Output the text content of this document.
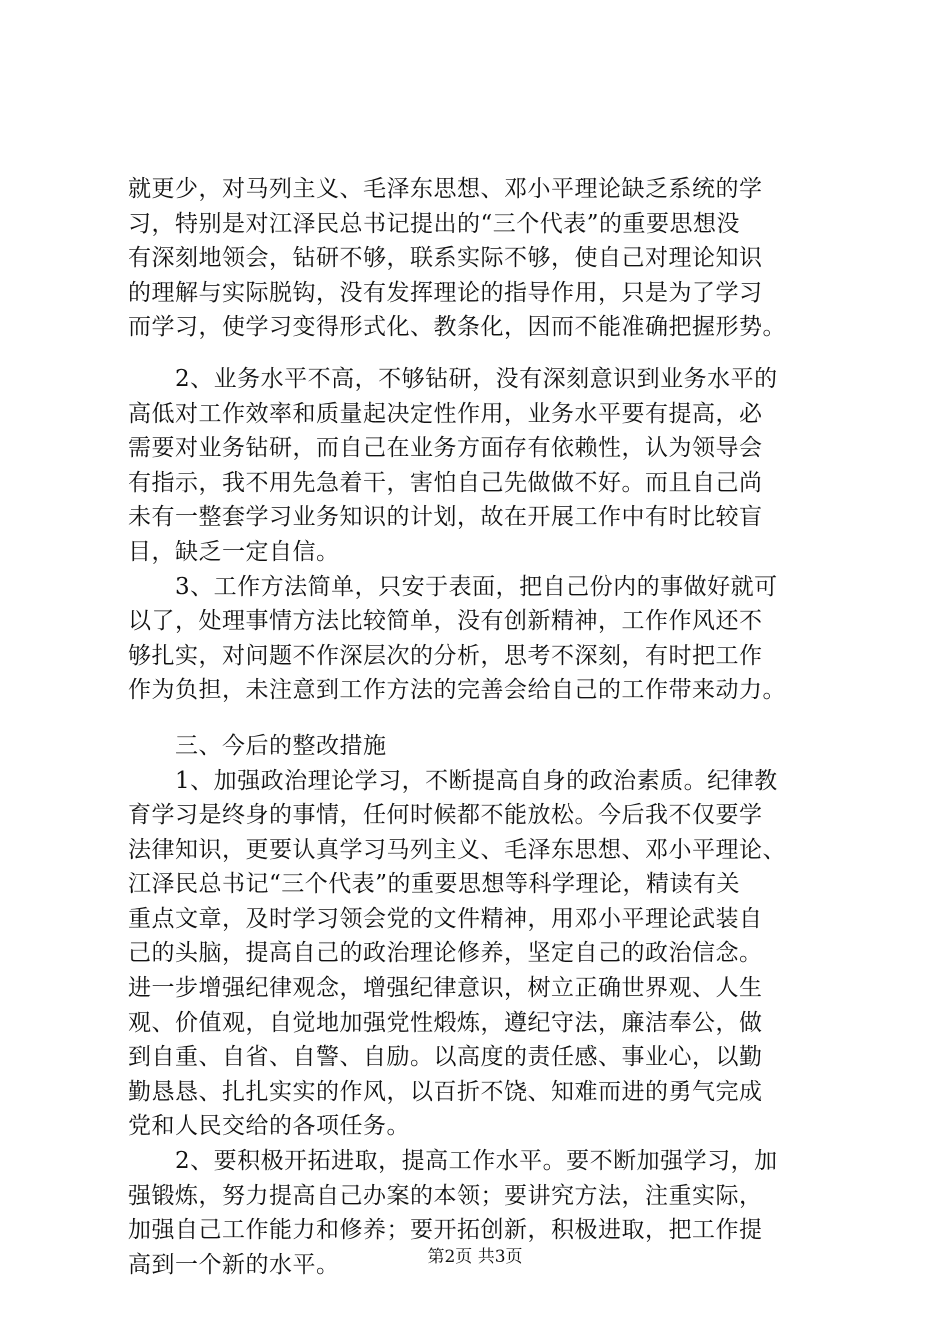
就更少，对马列主义、毛泽东思想、邓小平理论缺乏系统的学
习，特别是对江泽民总书记提出的“三个代表”的重要思想没
有深刻地领会，钻研不够，联系实际不够，使自己对理论知识
的理解与实际脱钩，没有发挥理论的指导作用，只是为了学习
而学习，使学习变得形式化、教条化，因而不能准确把握形势。
　　2、业务水平不高，不够钻研，没有深刻意识到业务水平的
高低对工作效率和质量起决定性作用，业务水平要有提高，必
需要对业务钻研，而自己在业务方面存有依赖性，认为领导会
有指示，我不用先急着干，害怕自己先做做不好。而且自己尚
未有一整套学习业务知识的计划，故在开展工作中有时比较盲
目，缺乏一定自信。
　　3、工作方法简单，只安于表面，把自己份内的事做好就可
以了，处理事情方法比较简单，没有创新精神，工作作风还不
够扎实，对问题不作深层次的分析，思考不深刻，有时把工作
作为负担，未注意到工作方法的完善会给自己的工作带来动力。
　　三、今后的整改措施
　　1、加强政治理论学习，不断提高自身的政治素质。纪律教
育学习是终身的事情，任何时候都不能放松。今后我不仅要学
法律知识，更要认真学习马列主义、毛泽东思想、邓小平理论、
江泽民总书记“三个代表”的重要思想等科学理论，精读有关
重点文章，及时学习领会党的文件精神，用邓小平理论武装自
己的头脑，提高自己的政治理论修养，坚定自己的政治信念。
进一步增强纪律观念，增强纪律意识，树立正确世界观、人生
观、价值观，自觉地加强党性煅炼，遵纪守法，廉洁奉公，做
到自重、自省、自警、自励。以高度的责任感、事业心，以勤
勤恳恳、扎扎实实的作风，以百折不饶、知难而进的勇气完成
党和人民交给的各项任务。
　　2、要积极开拓进取，提高工作水平。要不断加强学习，加
强锻炼，努力提高自己办案的本领；要讲究方法，注重实际，
加强自己工作能力和修养；要开拓创新，积极进取，把工作提
高到一个新的水平。	第2页 共3页
